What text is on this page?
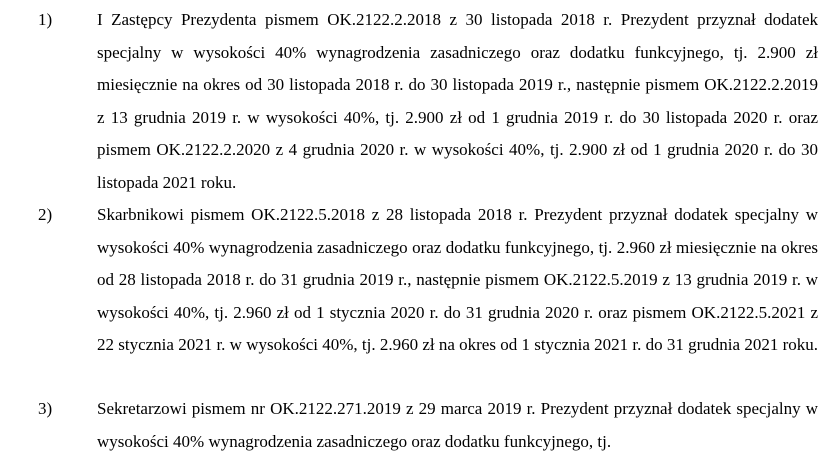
1)	I Zastępcy Prezydenta pismem OK.2122.2.2018 z 30 listopada 2018 r. Prezydent przyznał dodatek specjalny w wysokości 40% wynagrodzenia zasadniczego oraz dodatku funkcyjnego, tj. 2.900 zł miesięcznie na okres od 30 listopada 2018 r. do 30 listopada 2019 r., następnie pismem OK.2122.2.2019 z 13 grudnia 2019 r. w wysokości 40%, tj. 2.900 zł od 1 grudnia 2019 r. do 30 listopada 2020 r. oraz pismem OK.2122.2.2020 z 4 grudnia 2020 r. w wysokości 40%, tj. 2.900 zł od 1 grudnia 2020 r. do 30 listopada 2021 roku.

2)	Skarbnikowi pismem OK.2122.5.2018 z 28 listopada 2018 r. Prezydent przyznał dodatek specjalny w wysokości 40% wynagrodzenia zasadniczego oraz dodatku funkcyjnego, tj. 2.960 zł miesięcznie na okres od 28 listopada 2018 r. do 31 grudnia 2019 r., następnie pismem OK.2122.5.2019 z 13 grudnia 2019 r. w wysokości 40%, tj. 2.960 zł od 1 stycznia 2020 r. do 31 grudnia 2020 r. oraz pismem OK.2122.5.2021 z 22 stycznia 2021 r. w wysokości 40%, tj. 2.960 zł na okres od 1 stycznia 2021 r. do 31 grudnia 2021 roku.

3)	Sekretarzowi pismem nr OK.2122.271.2019 z 29 marca 2019 r. Prezydent przyznał dodatek specjalny w wysokości 40% wynagrodzenia zasadniczego oraz dodatku funkcyjnego, tj.
